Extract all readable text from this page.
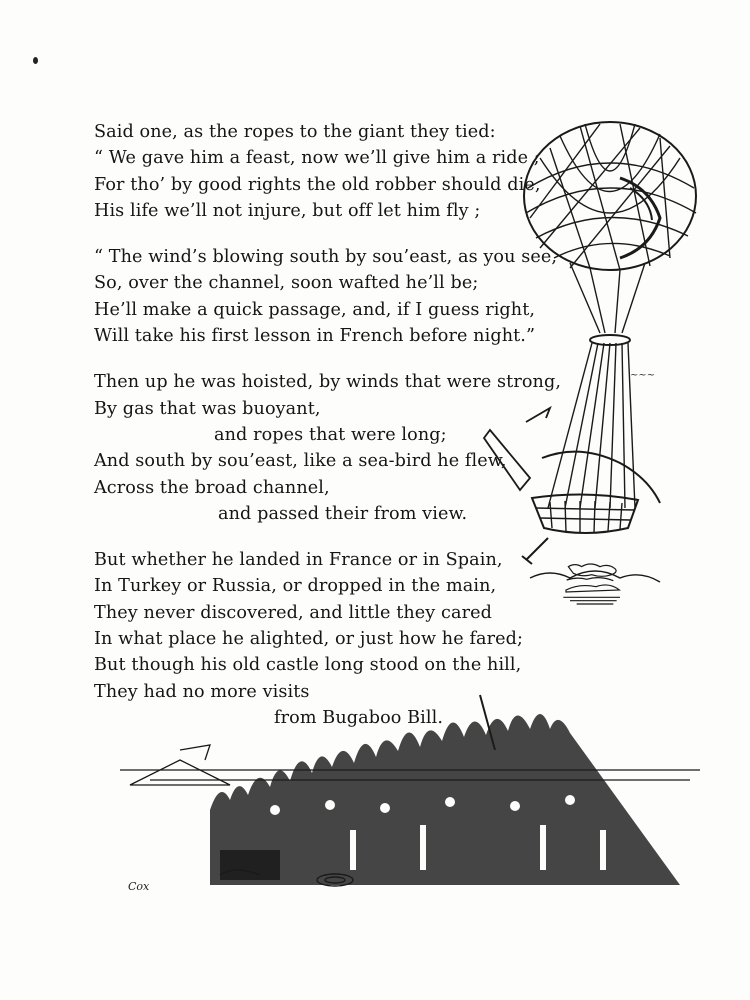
Said one, as the ropes to the giant they tied:
“ We gave him a feast, now we’ll give him a ride ;
For tho’ by good rights the old robber should die,
His life we’ll not injure, but off let him fly ;
“ The wind’s blowing south by sou’east, as you see,
So, over the channel, soon wafted he’ll be;
He’ll make a quick passage, and, if I guess right,
Will take his first lesson in French before night.”
Then up he was hoisted, by winds that were strong,
By gas that was buoyant,
and ropes that were long;
And south by sou’east, like a sea-bird he flew,
Across the broad channel,
and passed their from view.
But whether he landed in France or in Spain,
In Turkey or Russia, or dropped in the main,
They never discovered, and little they cared
In what place he alighted, or just how he fared;
But though his old castle long stood on the hill,
They had no more visits
from Bugaboo Bill.
~~~
Cox
